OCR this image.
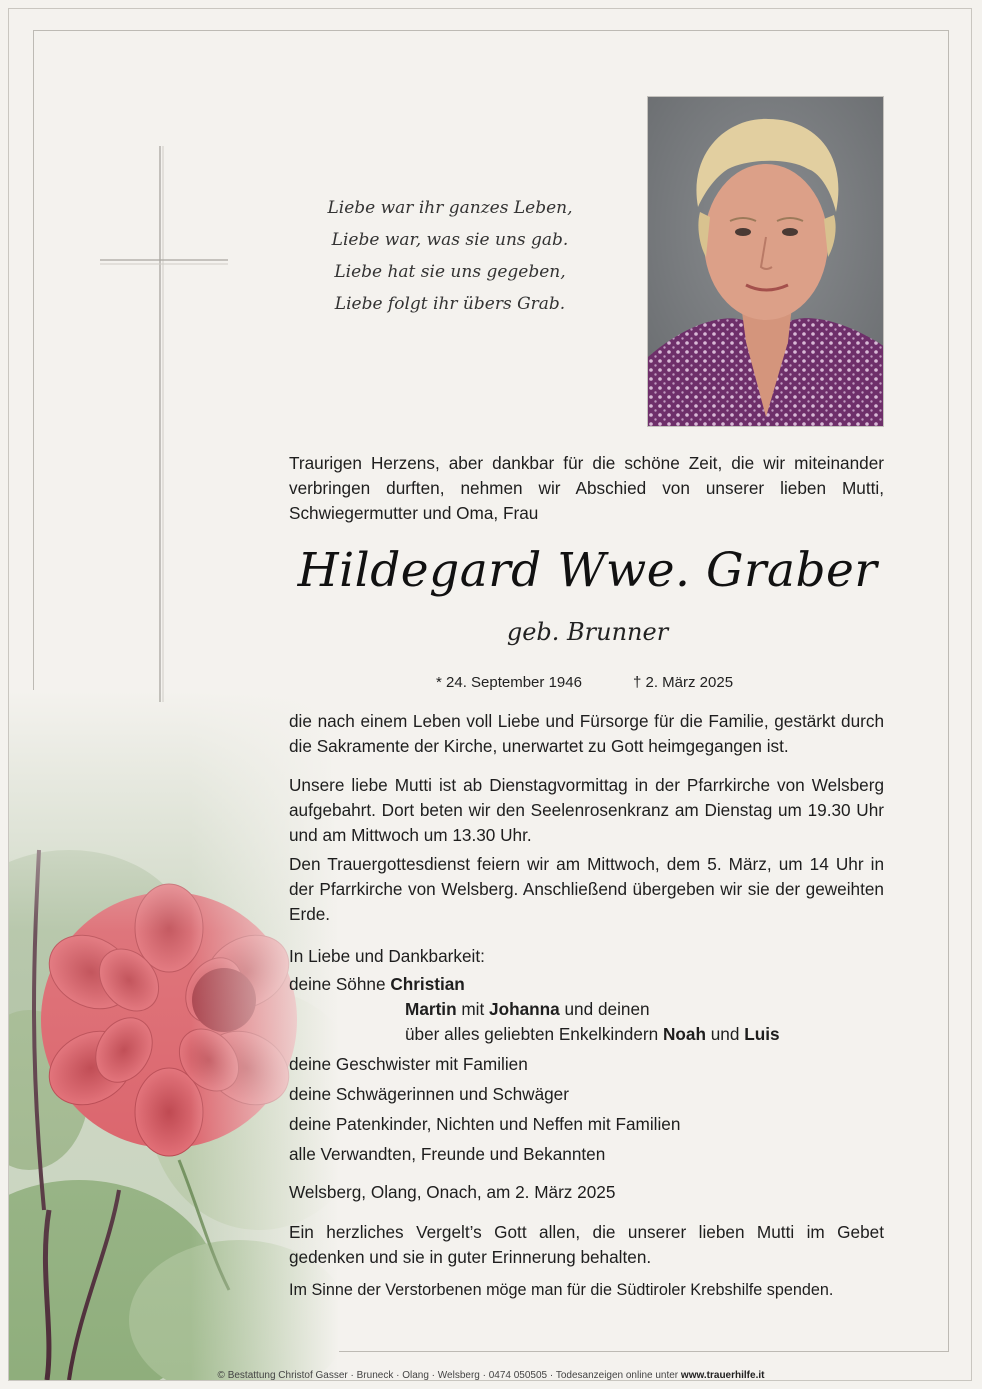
Liebe war ihr ganzes Leben,
Liebe war, was sie uns gab.
Liebe hat sie uns gegeben,
Liebe folgt ihr übers Grab.
Traurigen Herzens, aber dankbar für die schöne Zeit, die wir miteinander verbringen durften, nehmen wir Abschied von unserer lieben Mutti, Schwiegermutter und Oma, Frau
Hildegard Wwe. Graber
geb. Brunner
* 24. September 1946	† 2. März 2025
die nach einem Leben voll Liebe und Fürsorge für die Familie, gestärkt durch die Sakramente der Kirche, unerwartet zu Gott heimgegangen ist.
Unsere liebe Mutti ist ab Dienstagvormittag in der Pfarrkirche von Welsberg aufgebahrt. Dort beten wir den Seelenrosenkranz am Dienstag um 19.30 Uhr und am Mittwoch um 13.30 Uhr.
Den Trauergottesdienst feiern wir am Mittwoch, dem 5. März, um 14 Uhr in der Pfarrkirche von Welsberg. Anschließend übergeben wir sie der geweihten Erde.
In Liebe und Dankbarkeit:
deine Söhne Christian
Martin mit Johanna und deinen
über alles geliebten Enkelkindern Noah und Luis
deine Geschwister mit Familien
deine Schwägerinnen und Schwäger
deine Patenkinder, Nichten und Neffen mit Familien
alle Verwandten, Freunde und Bekannten
Welsberg, Olang, Onach, am 2. März 2025
Ein herzliches Vergelt’s Gott allen, die unserer lieben Mutti im Gebet gedenken und sie in guter Erinnerung behalten.
Im Sinne der Verstorbenen möge man für die Südtiroler Krebshilfe spenden.
© Bestattung Christof Gasser · Bruneck · Olang · Welsberg · 0474 050505 · Todesanzeigen online unter www.trauerhilfe.it
